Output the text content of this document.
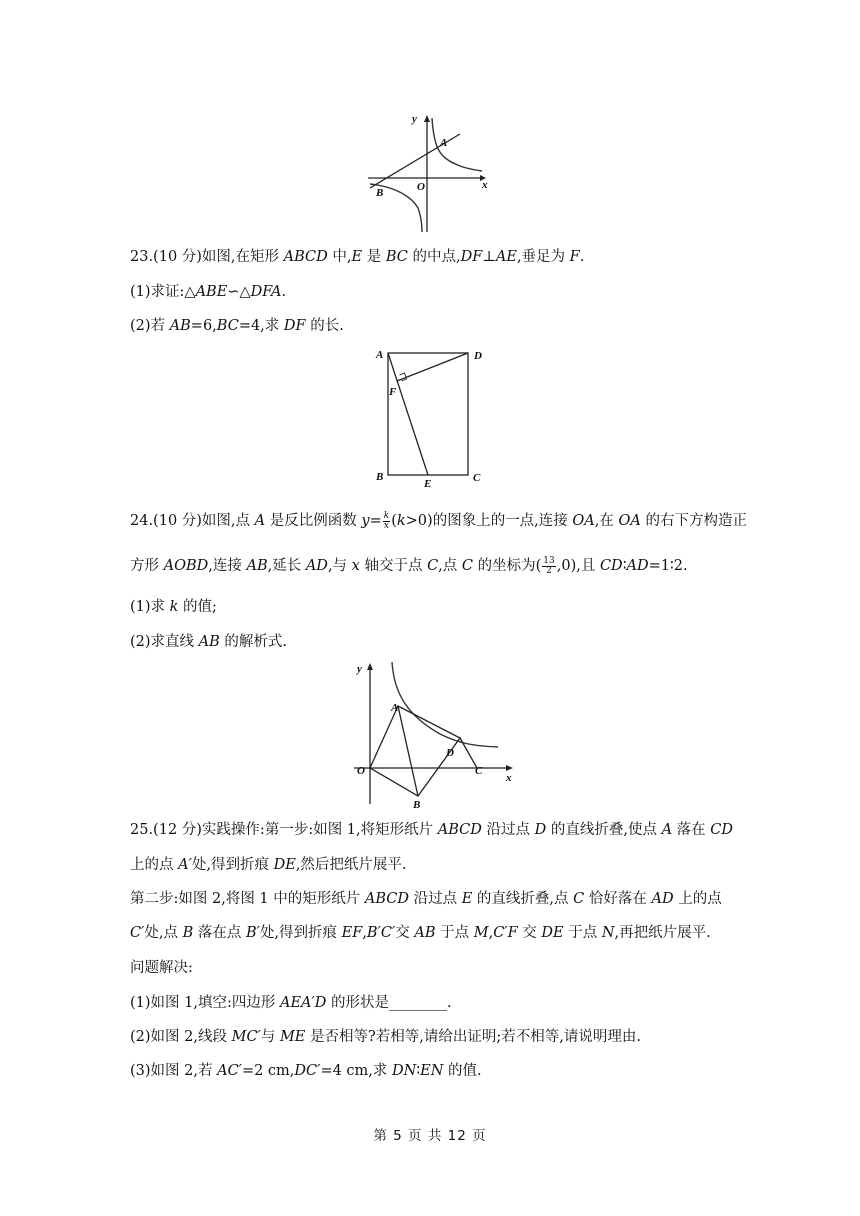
y
x
A
B	O
23.(10 分)如图,在矩形 ABCD 中,E 是 BC 的中点,DF⊥AE,垂足为 F.
(1)求证:△ABE∽△DFA.
(2)若 AB=6,BC=4,求 DF 的长.
A	D
F
B
E	C
24.(10 分)如图,点 A 是反比例函数 $y= \frac{k}{x} (k>0)$的图象上的一点,连接 OA,在 OA 的右下方构造正
方形 AOBD,连接 AB,延长 AD,与 x 轴交于点 C,点 C 的坐标为( $\frac{13}{2} ,0$),且 CD∶AD=1∶2.
(1)求 k 的值;
(2)求直线 AB 的解析式.
y
x
A
O
B
D
C
25.(12 分)实践操作:第一步:如图 1,将矩形纸片 ABCD 沿过点 D 的直线折叠,使点 A 落在 CD
上的点 A′处,得到折痕 DE,然后把纸片展平.
第二步:如图 2,将图 1 中的矩形纸片 ABCD 沿过点 E 的直线折叠,点 C 恰好落在 AD 上的点
C′处,点 B 落在点 B′处,得到折痕 EF,B′C′交 AB 于点 M,C′F 交 DE 于点 N,再把纸片展平.
问题解决:
(1)如图 1,填空:四边形 AEA′D 的形状是________.
(2)如图 2,线段 MC′与 ME 是否相等?若相等,请给出证明;若不相等,请说明理由.
(3)如图 2,若 AC′=2 cm,DC′=4 cm,求 DN∶EN 的值.
第 5 页 共 12 页
